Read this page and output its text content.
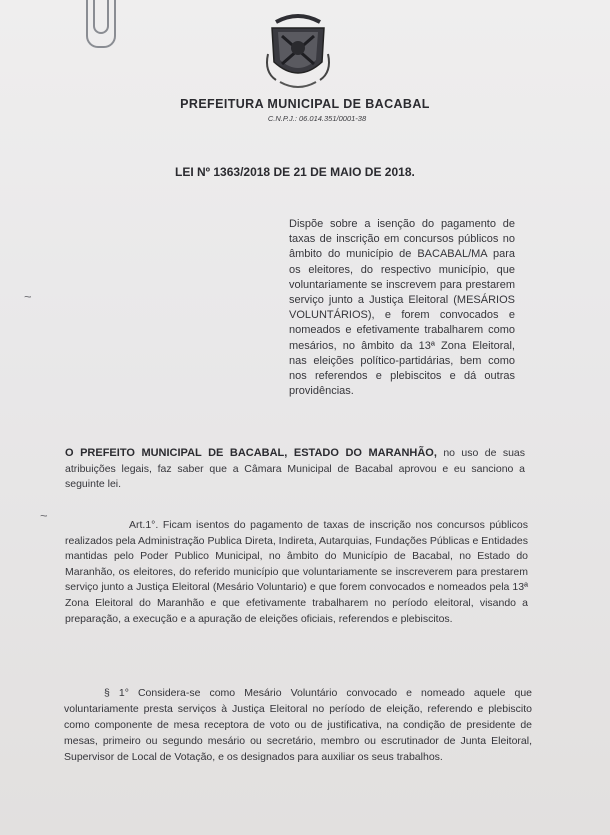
PREFEITURA MUNICIPAL DE BACABAL
C.N.P.J.: 06.014.351/0001-38
LEI Nº 1363/2018 DE 21 DE MAIO DE 2018.
Dispõe sobre a isenção do pagamento de taxas de inscrição em concursos públicos no âmbito do município de BACABAL/MA para os eleitores, do respectivo município, que voluntariamente se inscrevem para prestarem serviço junto a Justiça Eleitoral (MESÁRIOS VOLUNTÁRIOS), e forem convocados e nomeados e efetivamente trabalharem como mesários, no âmbito da 13ª Zona Eleitoral, nas eleições político-partidárias, bem como nos referendos e plebiscitos e dá outras providências.
~
~
O PREFEITO MUNICIPAL DE BACABAL, ESTADO DO MARANHÃO, no uso de suas atribuições legais, faz saber que a Câmara Municipal de Bacabal aprovou e eu sanciono a seguinte lei.
Art.1°. Ficam isentos do pagamento de taxas de inscrição nos concursos públicos realizados pela Administração Publica Direta, Indireta, Autarquias, Fundações Públicas e Entidades mantidas pelo Poder Publico Municipal, no âmbito do Município de Bacabal, no Estado do Maranhão, os eleitores, do referido município que voluntariamente se inscreverem para prestarem serviço junto a Justiça Eleitoral (Mesário Voluntario) e que forem convocados e nomeados pela 13ª Zona Eleitoral do Maranhão e que efetivamente trabalharem no período eleitoral, visando a preparação, a execução e a apuração de eleições oficiais, referendos e plebiscitos.
§ 1° Considera-se como Mesário Voluntário convocado e nomeado aquele que voluntariamente presta serviços à Justiça Eleitoral no período de eleição, referendo e plebiscito como componente de mesa receptora de voto ou de justificativa, na condição de presidente de mesas, primeiro ou segundo mesário ou secretário, membro ou escrutinador de Junta Eleitoral, Supervisor de Local de Votação, e os designados para auxiliar os seus trabalhos.
